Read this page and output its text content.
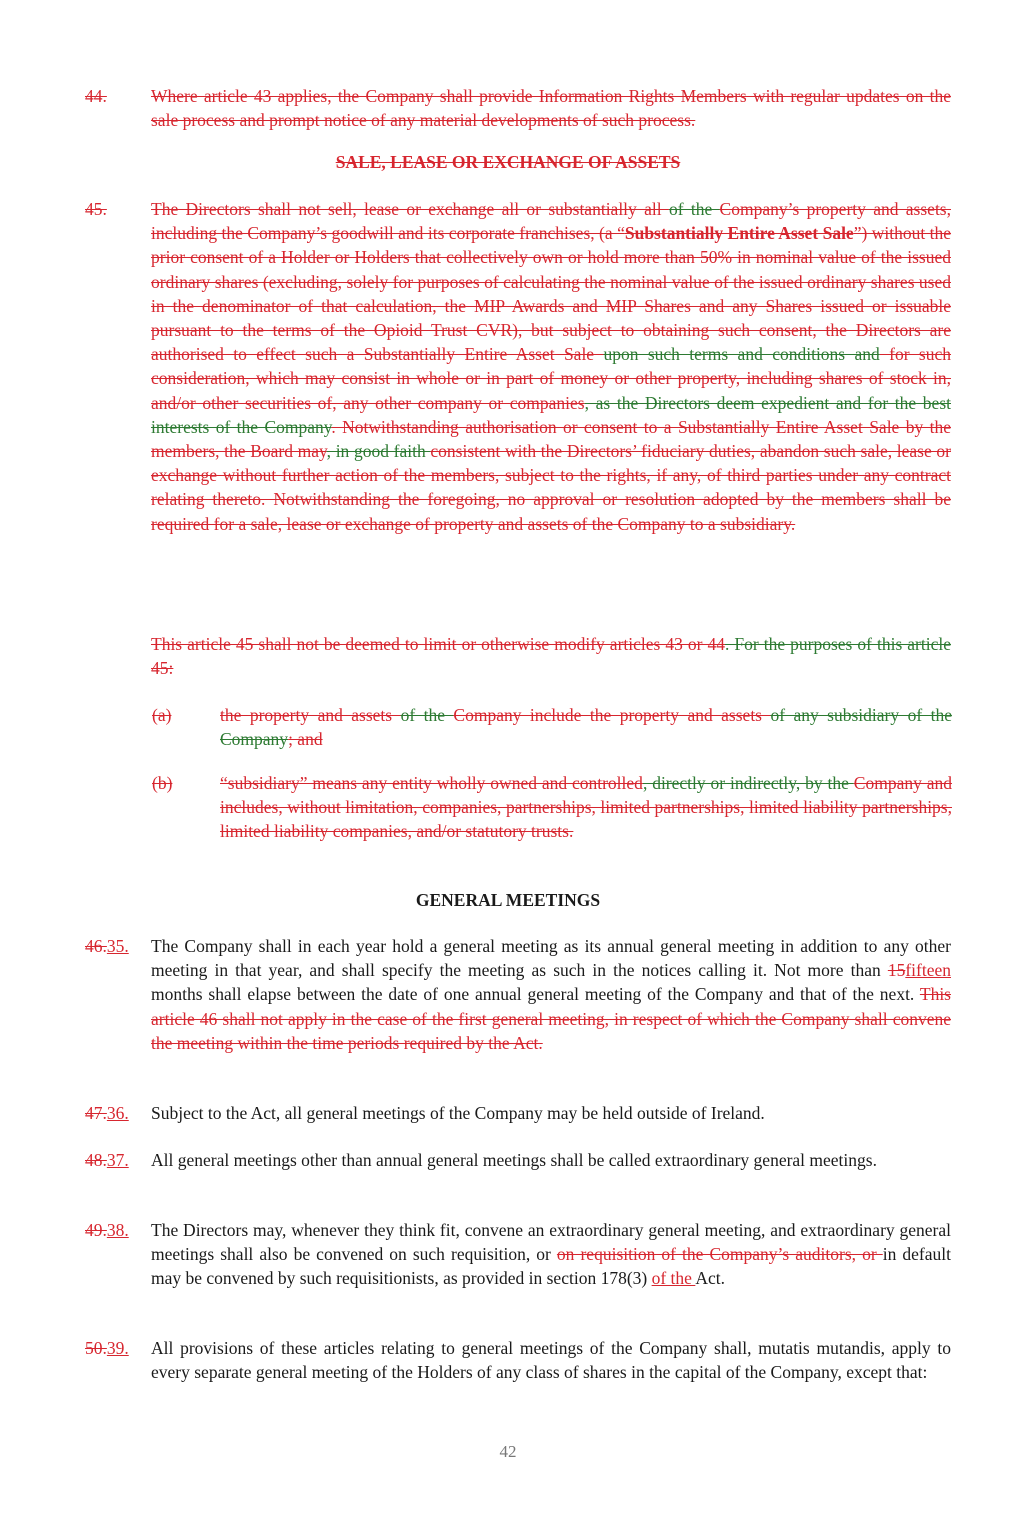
44.	Where article 43 applies, the Company shall provide Information Rights Members with regular updates on the sale process and prompt notice of any material developments of such process.
SALE, LEASE OR EXCHANGE OF ASSETS
45.	The Directors shall not sell, lease or exchange all or substantially all of the Company’s property and assets, including the Company’s goodwill and its corporate franchises, (a “Substantially Entire Asset Sale”) without the prior consent of a Holder or Holders that collectively own or hold more than 50% in nominal value of the issued ordinary shares (excluding, solely for purposes of calculating the nominal value of the issued ordinary shares used in the denominator of that calculation, the MIP Awards and MIP Shares and any Shares issued or issuable pursuant to the terms of the Opioid Trust CVR), but subject to obtaining such consent, the Directors are authorised to effect such a Substantially Entire Asset Sale upon such terms and conditions and for such consideration, which may consist in whole or in part of money or other property, including shares of stock in, and/or other securities of, any other company or companies, as the Directors deem expedient and for the best interests of the Company. Notwithstanding authorisation or consent to a Substantially Entire Asset Sale by the members, the Board may, in good faith consistent with the Directors’ fiduciary duties, abandon such sale, lease or exchange without further action of the members, subject to the rights, if any, of third parties under any contract relating thereto. Notwithstanding the foregoing, no approval or resolution adopted by the members shall be required for a sale, lease or exchange of property and assets of the Company to a subsidiary.
This article 45 shall not be deemed to limit or otherwise modify articles 43 or 44. For the purposes of this article 45:
(a)	the property and assets of the Company include the property and assets of any subsidiary of the Company; and
(b)	“subsidiary” means any entity wholly owned and controlled, directly or indirectly, by the Company and includes, without limitation, companies, partnerships, limited partnerships, limited liability partnerships, limited liability companies, and/or statutory trusts.
GENERAL MEETINGS
46.35. The Company shall in each year hold a general meeting as its annual general meeting in addition to any other meeting in that year, and shall specify the meeting as such in the notices calling it. Not more than 15fifteen months shall elapse between the date of one annual general meeting of the Company and that of the next. This article 46 shall not apply in the case of the first general meeting, in respect of which the Company shall convene the meeting within the time periods required by the Act.
47.36. Subject to the Act, all general meetings of the Company may be held outside of Ireland.
48.37. All general meetings other than annual general meetings shall be called extraordinary general meetings.
49.38. The Directors may, whenever they think fit, convene an extraordinary general meeting, and extraordinary general meetings shall also be convened on such requisition, or on requisition of the Company’s auditors, or in default may be convened by such requisitionists, as provided in section 178(3) of the Act.
50.39. All provisions of these articles relating to general meetings of the Company shall, mutatis mutandis, apply to every separate general meeting of the Holders of any class of shares in the capital of the Company, except that:
42
